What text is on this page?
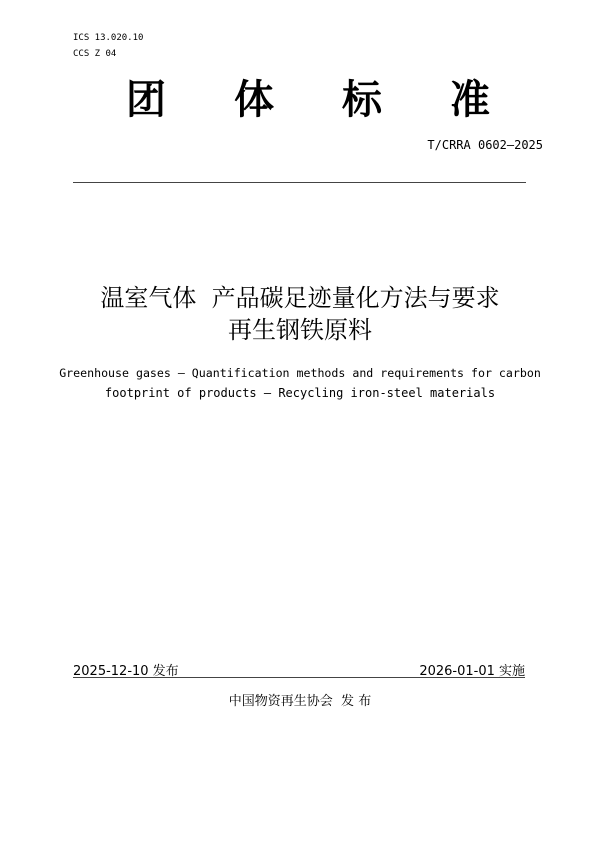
ICS 13.020.10
CCS Z 04
团 体 标 准
T/CRRA 0602—2025
温室气体  产品碳足迹量化方法与要求
再生钢铁原料
Greenhouse gases — Quantification methods and requirements for carbon
footprint of products — Recycling iron-steel materials
2025-12-10 发布	2026-01-01 实施
中国物资再生协会  发 布
